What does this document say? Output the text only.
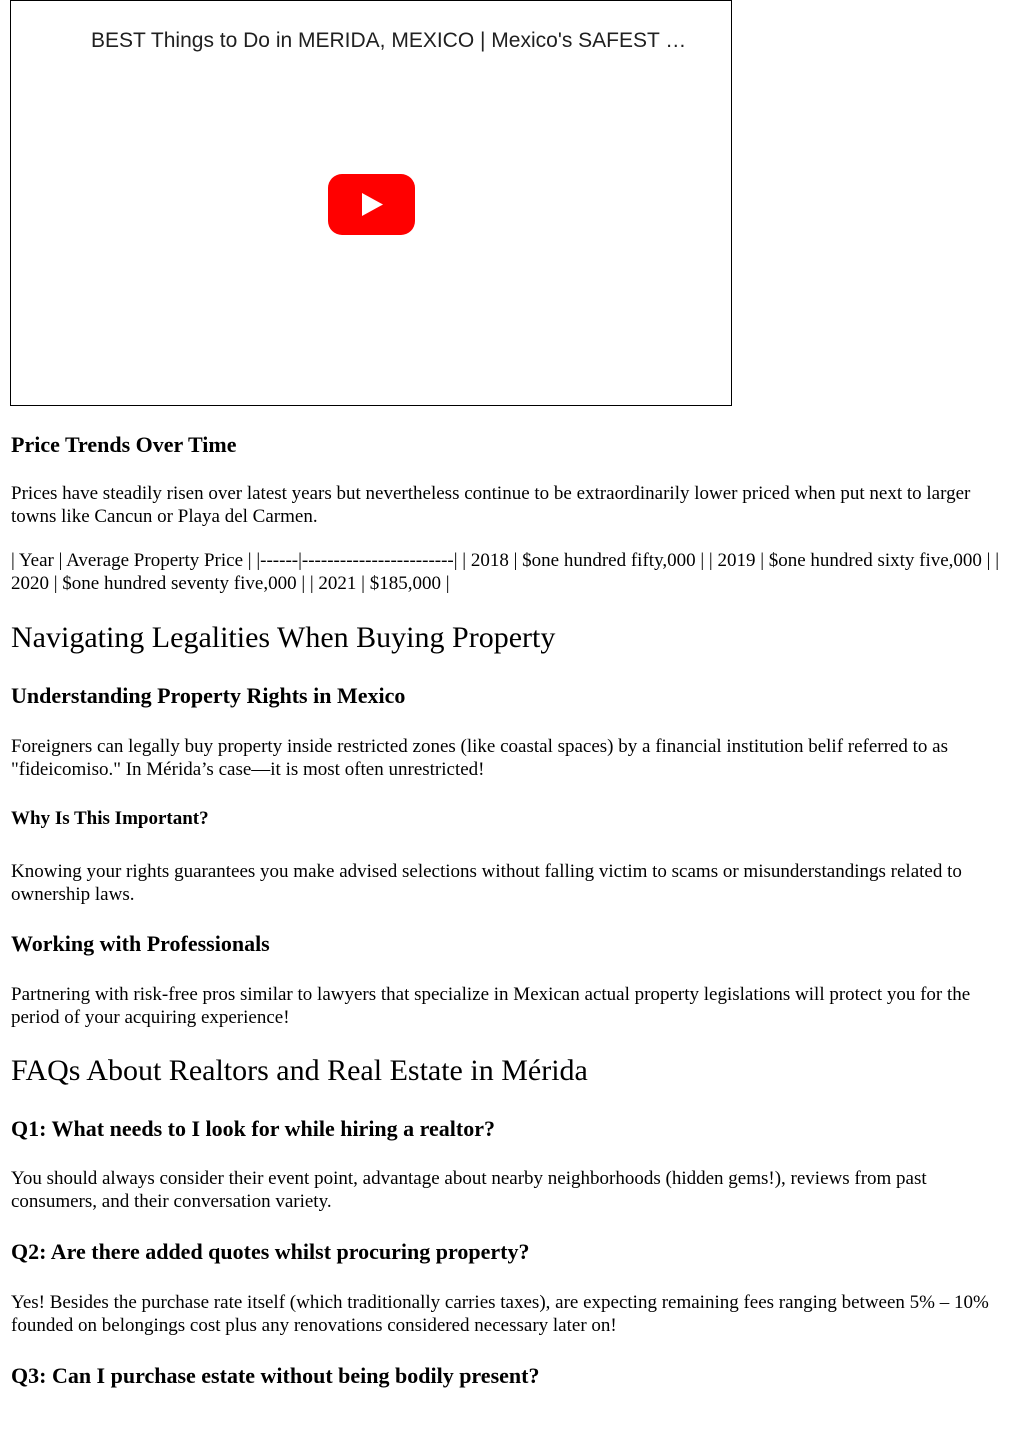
BEST Things to Do in MERIDA, MEXICO | Mexico's SAFEST …
Price Trends Over Time

Prices have steadily risen over latest years but nevertheless continue to be extraordinarily lower priced when put next to larger towns like Cancun or Playa del Carmen.

| Year | Average Property Price | |------|------------------------| | 2018 | $one hundred fifty,000 | | 2019 | $one hundred sixty five,000 | | 2020 | $one hundred seventy five,000 | | 2021 | $185,000 |

Navigating Legalities When Buying Property
Understanding Property Rights in Mexico

Foreigners can legally buy property inside restricted zones (like coastal spaces) by a financial institution belif referred to as "fideicomiso." In Mérida’s case—it is most often unrestricted!

Why Is This Important?

Knowing your rights guarantees you make advised selections without falling victim to scams or misunderstandings related to ownership laws.

Working with Professionals

Partnering with risk-free pros similar to lawyers that specialize in Mexican actual property legislations will protect you for the period of your acquiring experience!

FAQs About Realtors and Real Estate in Mérida
Q1: What needs to I look for while hiring a realtor?

You should always consider their event point, advantage about nearby neighborhoods (hidden gems!), reviews from past consumers, and their conversation variety.

Q2: Are there added quotes whilst procuring property?

Yes! Besides the purchase rate itself (which traditionally carries taxes), are expecting remaining fees ranging between 5% – 10% founded on belongings cost plus any renovations considered necessary later on!

Q3: Can I purchase estate without being bodily present?
